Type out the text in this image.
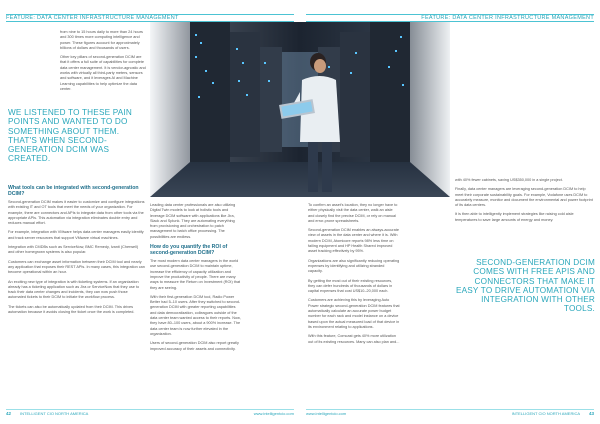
FEATURE: DATA CENTER INFRASTRUCTURE MANAGEMENT

from nine to 15 hours daily to more than 24 hours and 300 times more computing intelligence and power. These figures account for approximately billions of dollars and thousands of users.

Other key pillars of second-generation DCIM are that it offers a full suite of capabilities for complete data center management. It is vendor-agnostic and works with virtually all third-party meters, sensors and software, and it leverages AI and Machine Learning capabilities to help optimize the data center.

WE LISTENED TO THESE PAIN POINTS AND WANTED TO DO SOMETHING ABOUT THEM. THAT'S WHEN SECOND-GENERATION DCIM WAS CREATED.
What tools can be integrated with second-generation DCIM?

Second-generation DCIM makes it easier to customize and configure integrations with existing IT and OT tools that meet the needs of your organization. For example, there are connectors and APIs to integrate data from other tools via the appropriate APIs. This automation via integration eliminates double entry and reduces manual effort.

For example, integration with VMware helps data center managers easily identify and track server resources that support VMware virtual machines.

Integration with CMDBs such as ServiceNow, BMC Remedy, Ivanti (Cherwell) and other homegrown systems is also popular.

Customers can exchange asset information between their DCIM tool and nearly any application that exposes their REST APIs. In many cases, this integration can become operational within an hour.

An exciting new type of integration is with ticketing systems. If an organization already has a ticketing application such as Jira or ServiceNow that they use to track their data center changes and incidents, they can now push those automated tickets to their DCIM to initiate the workflow process.

The tickets can also be automatically updated from their DCIM. This drives automation because it avoids closing the ticket once the work is completed.

42 INTELLIGENT CIO NORTH AMERICA	www.intelligentcio.com
FEATURE: DATA CENTER INFRASTRUCTURE MANAGEMENT

To confirm an asset's location, they no longer have to either physically visit the data center, walk an aisle and closely find the precise DCIM, or rely on manual and error-prone spreadsheets.

Second-generation DCIM enables an always-accurate view of assets in the data center and where it is. With modern DCIM, Atomicore reports 98% less time on failing equipment and HP Health Shared improved asset tracking effectively by 95%.

Organizations are also significantly reducing operating expenses by identifying and utilizing stranded capacity.

By getting the most out of their existing resources, they can defer hundreds of thousands of dollars in capital expenses that cost US$10–20,000 each.

Customers are achieving this by leveraging Auto Power strategic second-generation DCIM features that automatically calculate an accurate power budget number for each rack and model instance on a device based upon the actual measured load of that device in its environment relating to applications.

With this feature, Comcast gets 40% more utilization out of its existing resources. Many can also plan and...

with 40% fewer cabinets, saving US$350,000 in a single project.

Finally, data center managers are leveraging second-generation DCIM to help meet their corporate sustainability goals. For example, Vodafone uses DCIM to accurately measure, monitor and document the environmental and power footprint of its data centers.

It is then able to intelligently implement strategies like raising cold aisle temperatures to save large amounts of energy and money.

SECOND-GENERATION DCIM COMES WITH FREE APIS AND CONNECTORS THAT MAKE IT EASY TO DRIVE AUTOMATION VIA INTEGRATION WITH OTHER TOOLS.
www.intelligentcio.com	INTELLIGENT CIO NORTH AMERICA 43

Leading data center professionals are also utilizing Digital Twin models to look at holistic tools and leverage DCIM software with applications like Jira, Slack and Splunk. They are automating everything from provisioning and orchestration to patch management to batch office processing. The possibilities are endless.

How do you quantify the ROI of second-generation DCIM?

The most modern data center managers in the world use second-generation DCIM to maintain uptime, increase the efficiency of capacity utilization and improve the productivity of people. There are many ways to measure the Return on Investment (ROI) that they are seeing.

With their first-generation DCIM tool, Radio Power Better had 5–10 users. After they switched to second-generation DCIM with greater reporting capabilities and data democratization, colleagues outside of the data center team wanted access to their reports. Now, they have 80–100 users, about a 900% increase. The data center team is now further elevated in the organization.

Users of second-generation DCIM also report greatly improved accuracy of their assets and connectivity.
